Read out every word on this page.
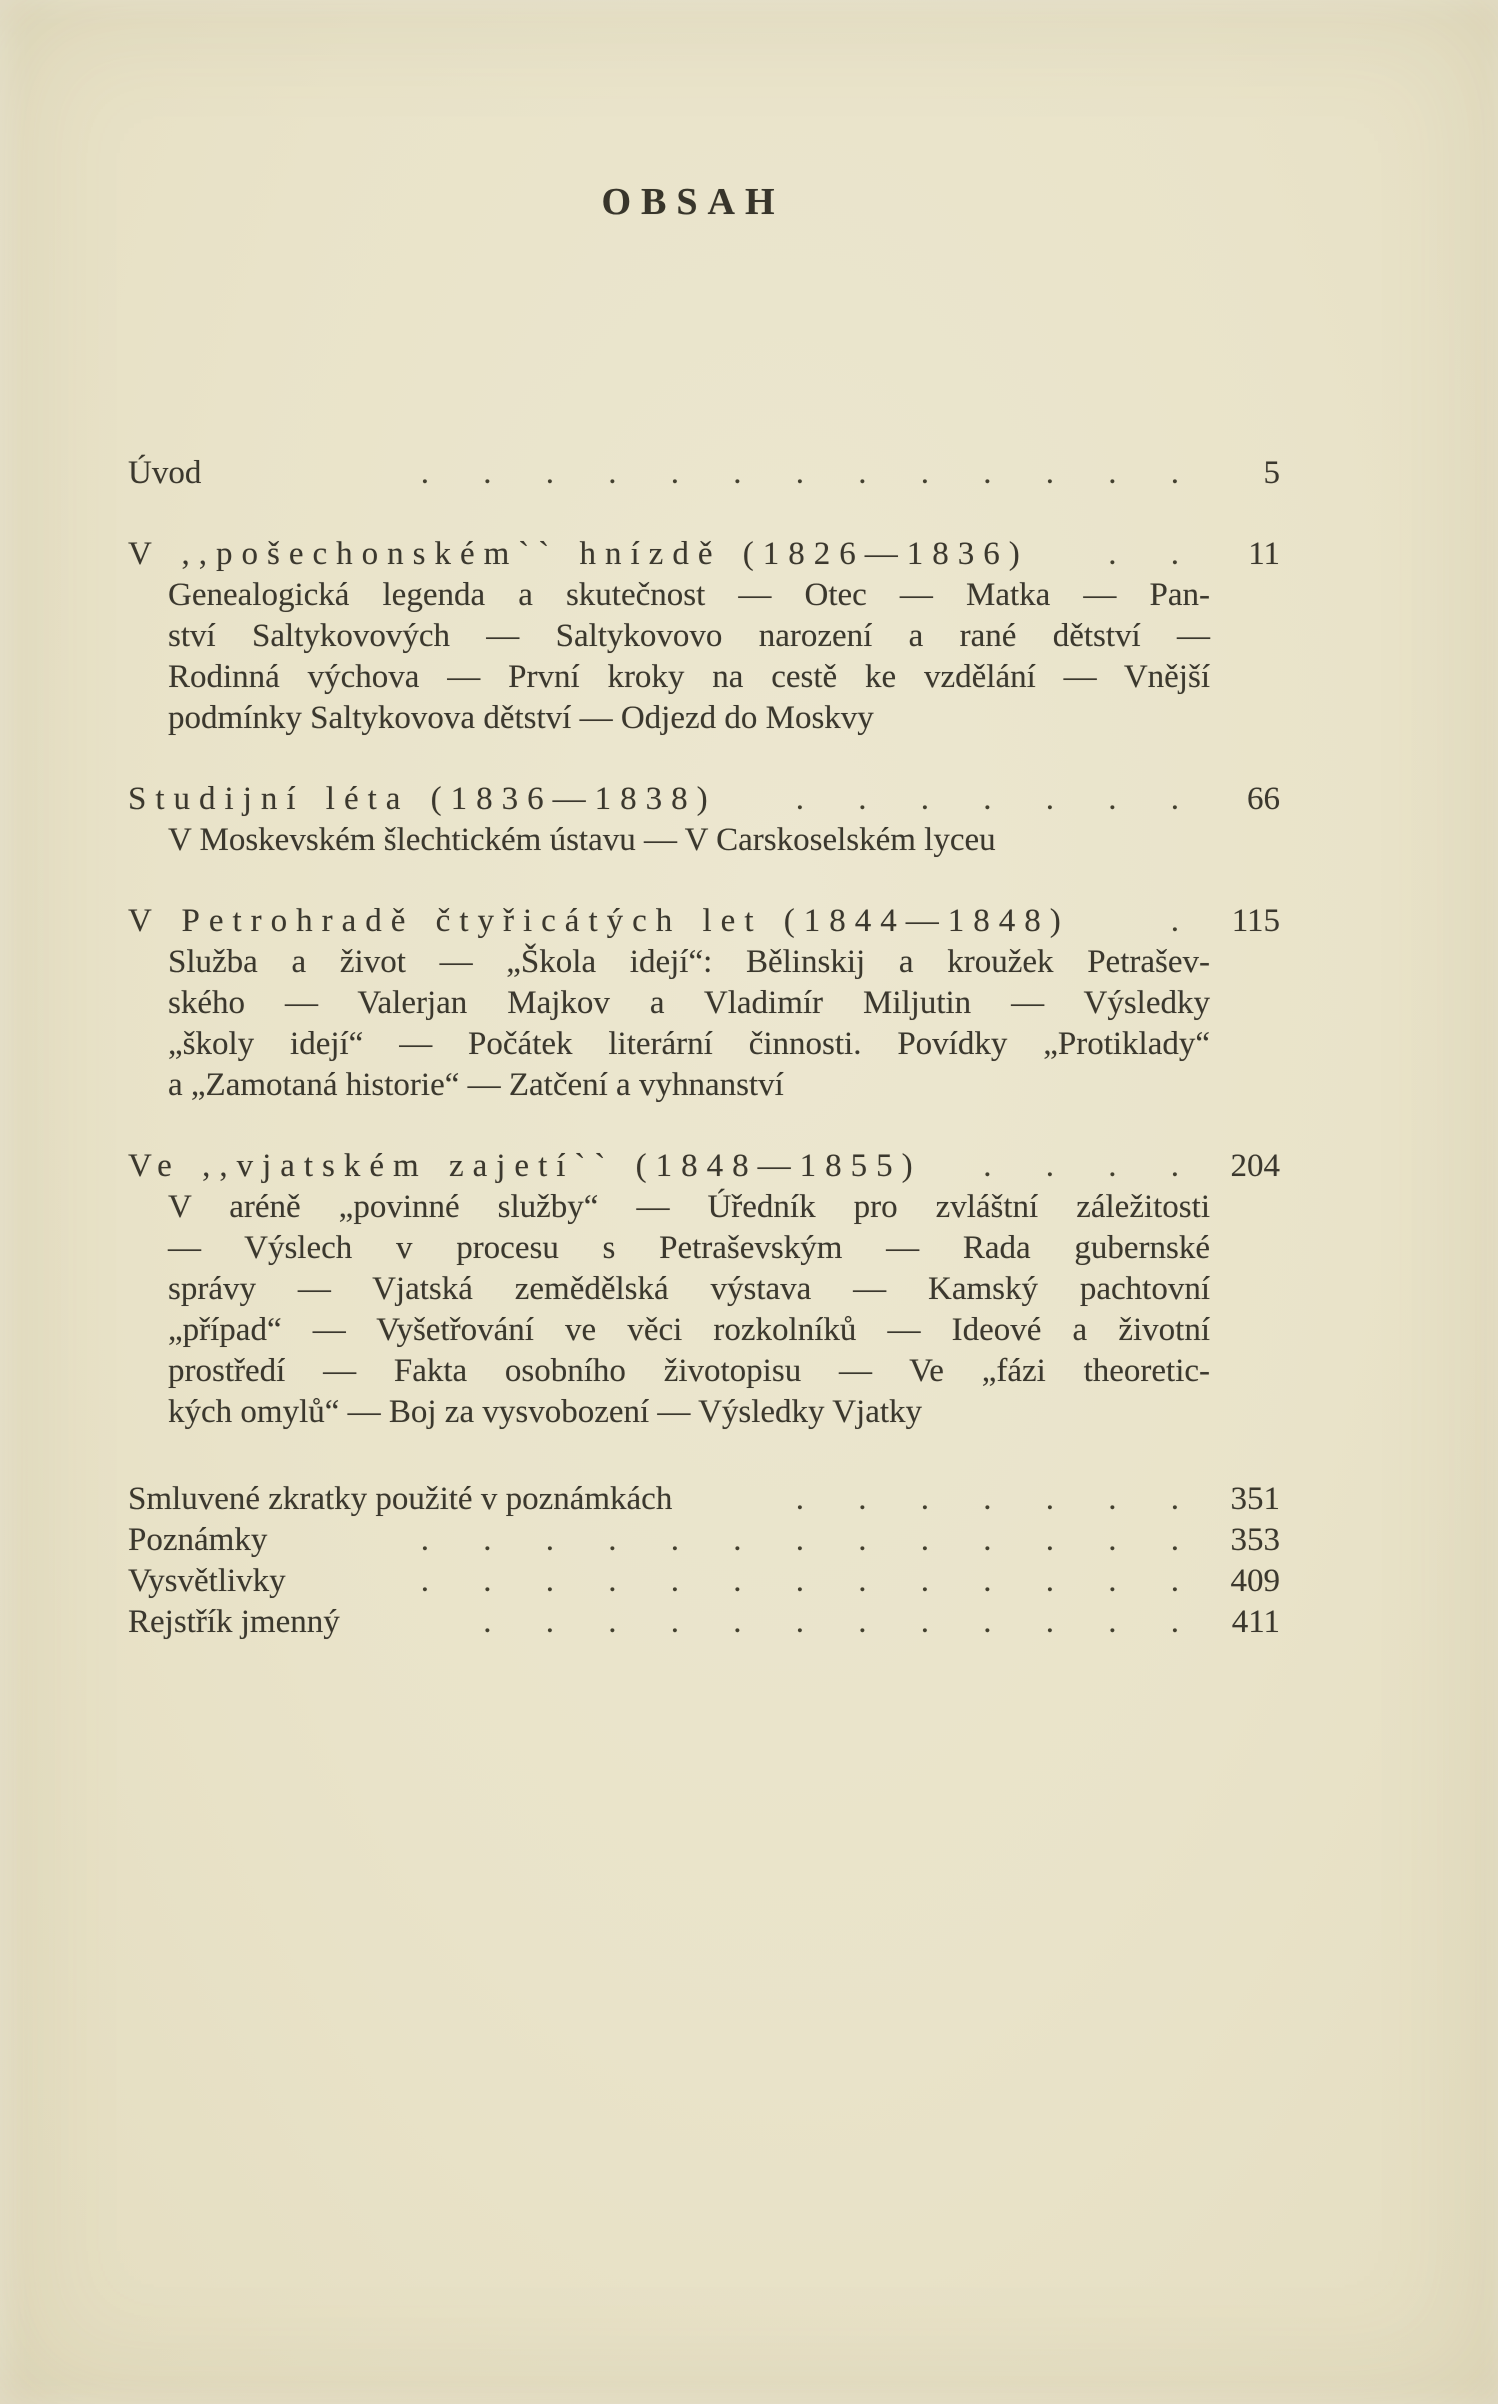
OBSAH
Úvod	. . . . . . . . . . . . .	5
V ,,pošechonském`` hnízdě (1826—1836)	. .	11
Genealogická legenda a skutečnost — Otec — Matka — Pan-
ství Saltykovových — Saltykovovo narození a rané dětství —
Rodinná výchova — První kroky na cestě ke vzdělání — Vnější
podmínky Saltykovova dětství — Odjezd do Moskvy
Studijní léta (1836—1838)	. . . . . . .	66
V Moskevském šlechtickém ústavu — V Carskoselském lyceu
V Petrohradě čtyřicátých let (1844—1848)	.	115
Služba a život — „Škola idejí“: Bělinskij a kroužek Petrašev-
ského — Valerjan Majkov a Vladimír Miljutin — Výsledky
„školy idejí“ — Počátek literární činnosti. Povídky „Protiklady“
a „Zamotaná historie“ — Zatčení a vyhnanství
Ve ,,vjatském zajetí`` (1848—1855)	. . . .	204
V aréně „povinné služby“ — Úředník pro zvláštní záležitosti
— Výslech v procesu s Petraševským — Rada gubernské
správy — Vjatská zemědělská výstava — Kamský pachtovní
„případ“ — Vyšetřování ve věci rozkolníků — Ideové a životní
prostředí — Fakta osobního životopisu — Ve „fázi theoretic-
kých omylů“ — Boj za vysvobození — Výsledky Vjatky
Smluvené zkratky použité v poznámkách	. . . . . . .	351
Poznámky	. . . . . . . . . . . . .	353
Vysvětlivky	. . . . . . . . . . . . .	409
Rejstřík jmenný	. . . . . . . . . . . .	411
